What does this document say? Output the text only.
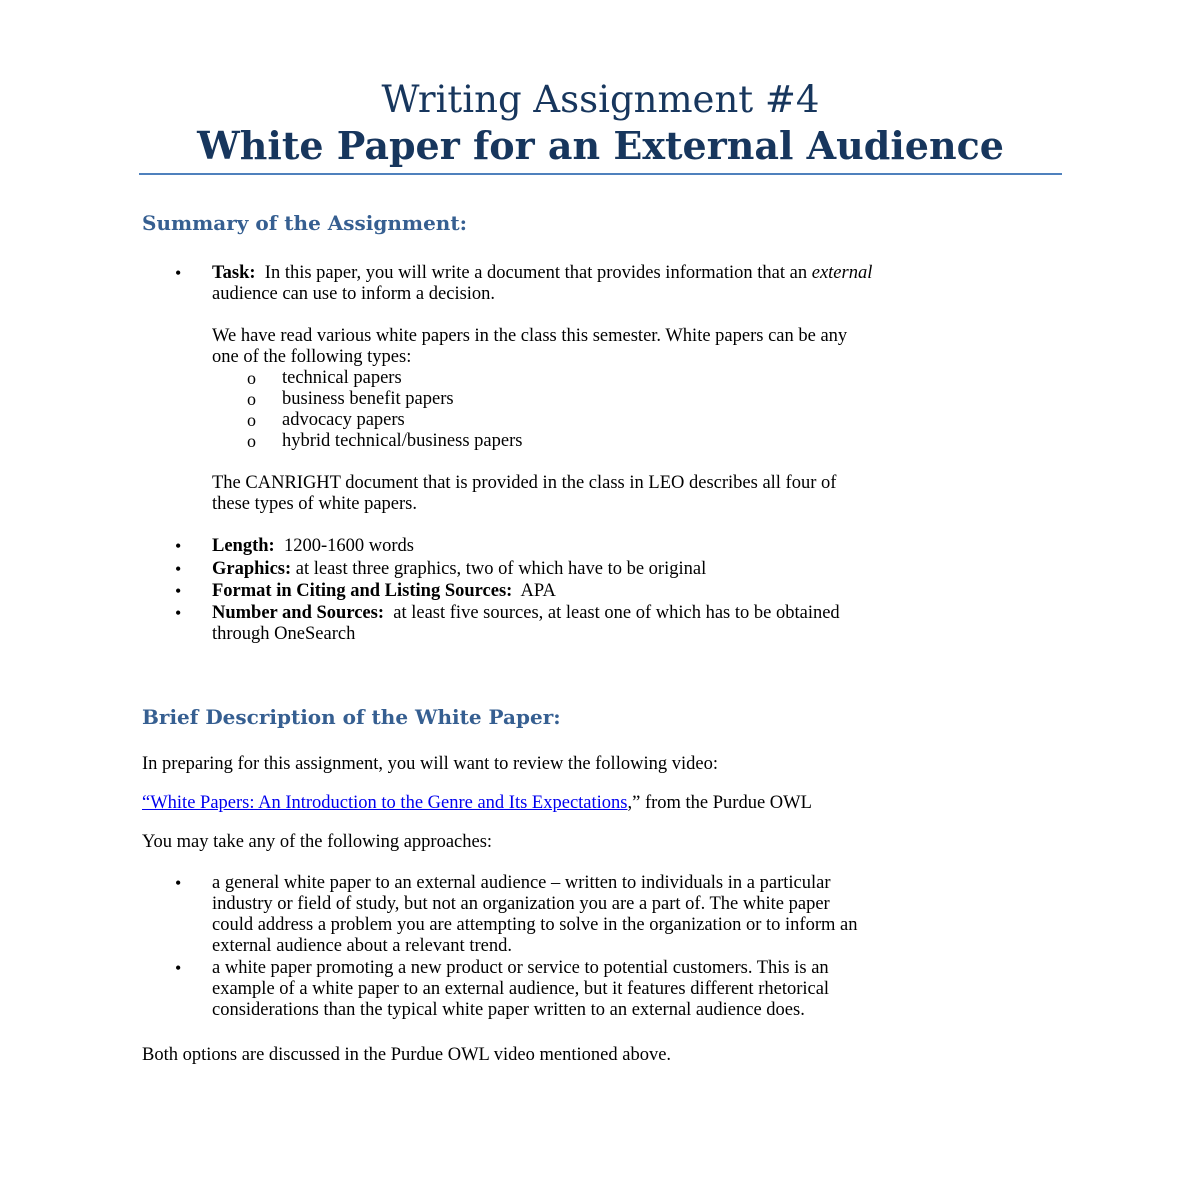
Writing Assignment #4
White Paper for an External Audience
Summary of the Assignment:
• Task: In this paper, you will write a document that provides information that an external
audience can use to inform a decision.
We have read various white papers in the class this semester. White papers can be any
one of the following types:
o technical papers
o business benefit papers
o advocacy papers
o hybrid technical/business papers
The CANRIGHT document that is provided in the class in LEO describes all four of
these types of white papers.
• Length: 1200-1600 words
• Graphics: at least three graphics, two of which have to be original
• Format in Citing and Listing Sources: APA
• Number and Sources: at least five sources, at least one of which has to be obtained
through OneSearch
Brief Description of the White Paper:
In preparing for this assignment, you will want to review the following video:
“White Papers: An Introduction to the Genre and Its Expectations,” from the Purdue OWL
You may take any of the following approaches:
• a general white paper to an external audience – written to individuals in a particular
industry or field of study, but not an organization you are a part of. The white paper
could address a problem you are attempting to solve in the organization or to inform an
external audience about a relevant trend.
• a white paper promoting a new product or service to potential customers. This is an
example of a white paper to an external audience, but it features different rhetorical
considerations than the typical white paper written to an external audience does.
Both options are discussed in the Purdue OWL video mentioned above.
